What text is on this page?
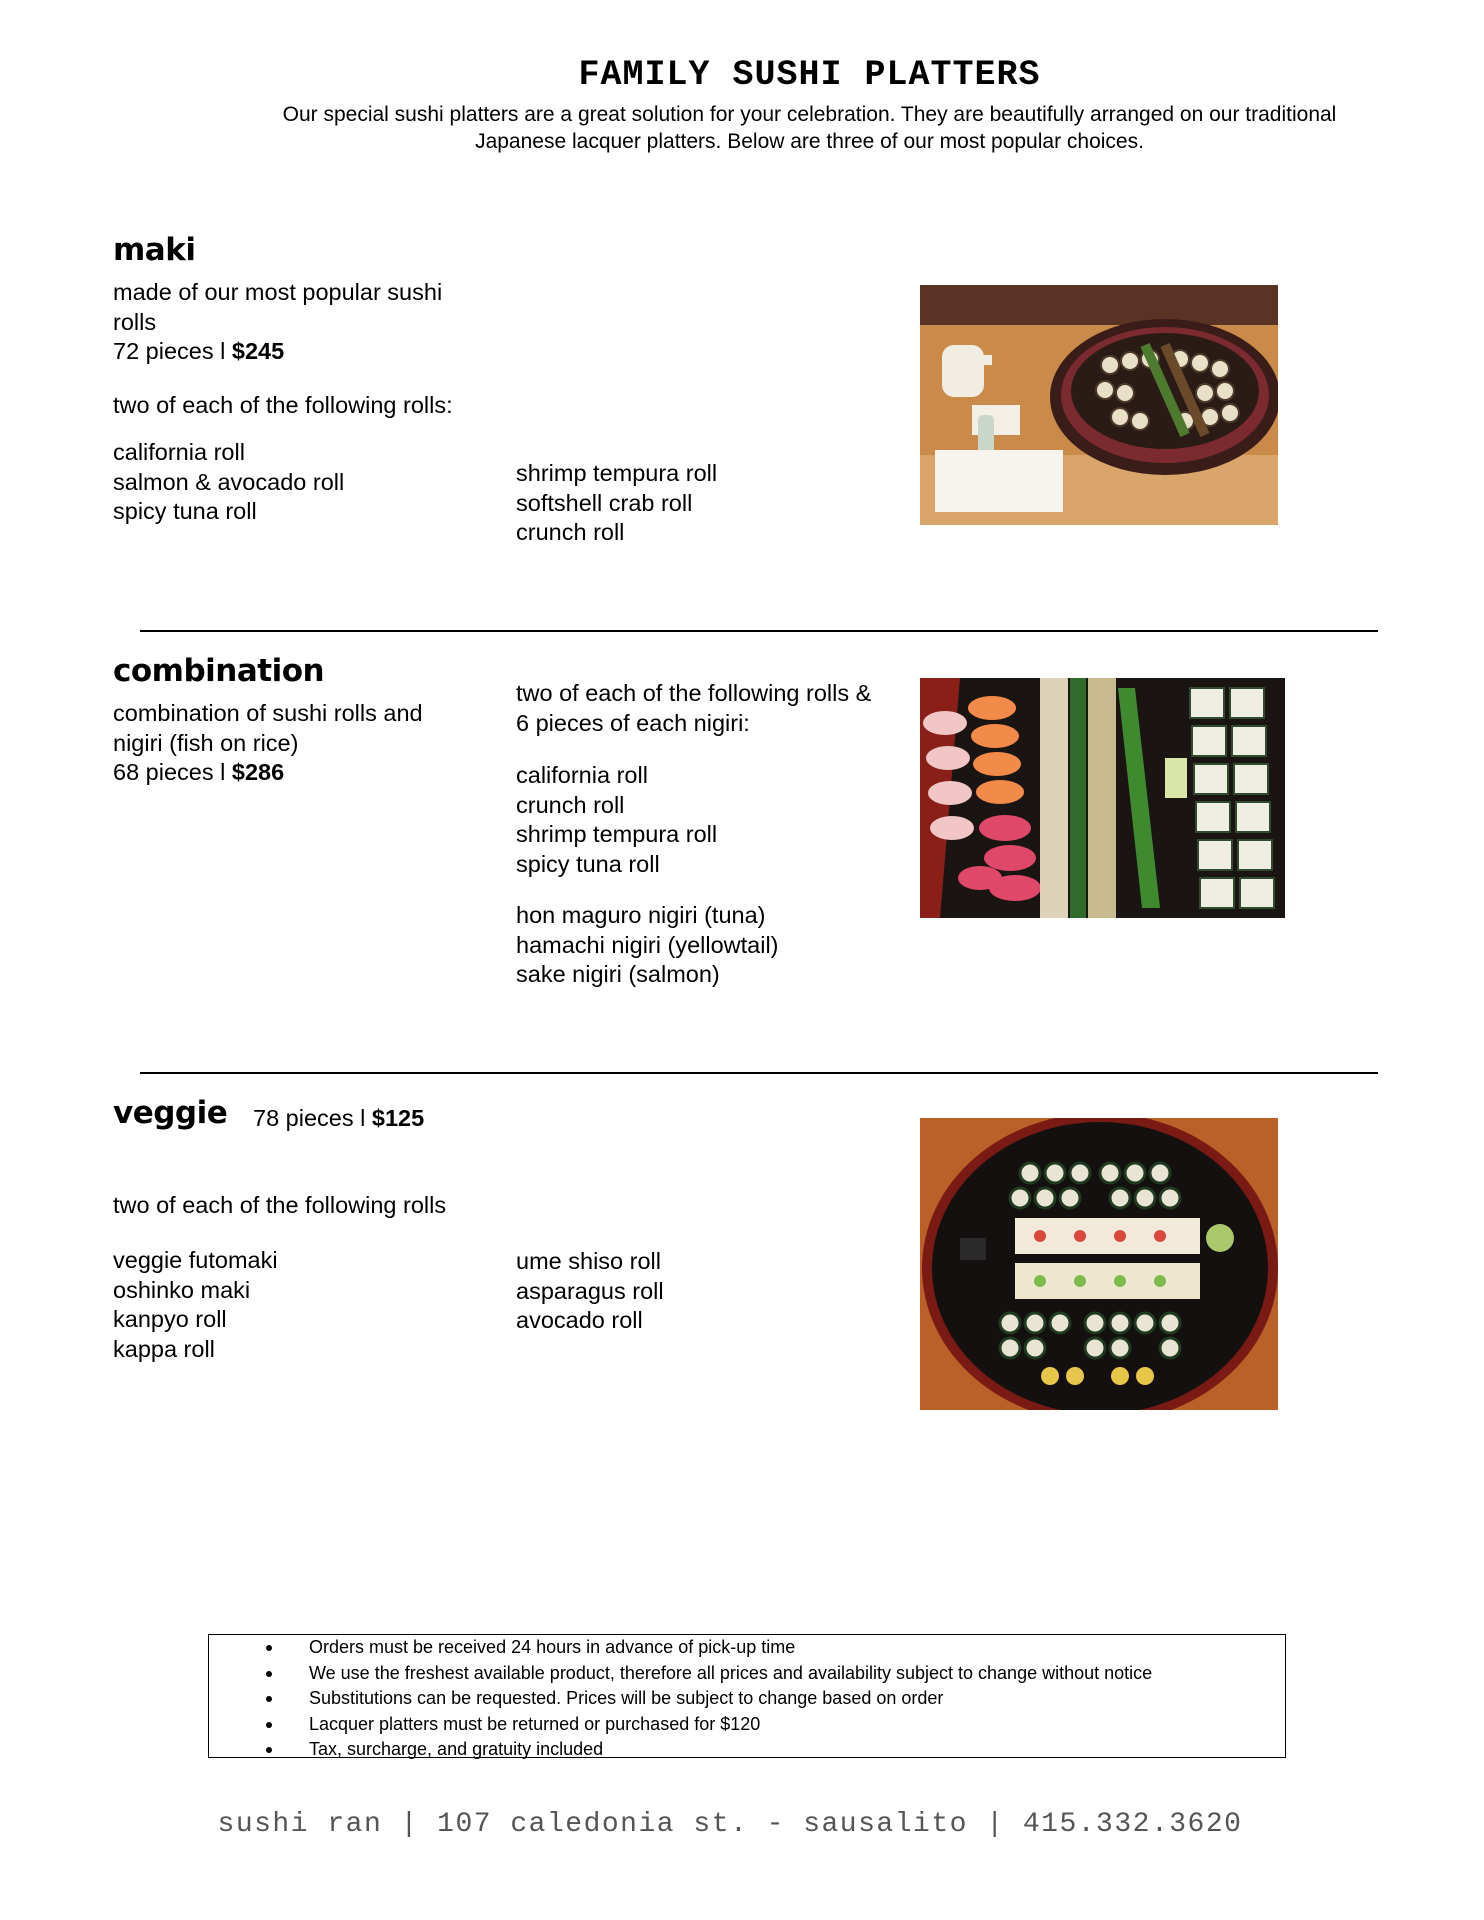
FAMILY SUSHI PLATTERS
Our special sushi platters are a great solution for your celebration. They are beautifully arranged on our traditional Japanese lacquer platters. Below are three of our most popular choices.
maki
made of our most popular sushi
rolls
72 pieces l $245
two of each of the following rolls:
california roll
salmon & avocado roll
spicy tuna roll
shrimp tempura roll
softshell crab roll
crunch roll
combination
combination of sushi rolls and
nigiri (fish on rice)
68 pieces l $286
two of each of the following rolls &
6 pieces of each nigiri:
california roll
crunch roll
shrimp tempura roll
spicy tuna roll
hon maguro nigiri (tuna)
hamachi nigiri (yellowtail)
sake nigiri (salmon)
veggie 78 pieces l $125
two of each of the following rolls
veggie futomaki
oshinko maki
kanpyo roll
kappa roll
ume shiso roll
asparagus roll
avocado roll
Orders must be received 24 hours in advance of pick-up time
We use the freshest available product, therefore all prices and availability subject to change without notice
Substitutions can be requested. Prices will be subject to change based on order
Lacquer platters must be returned or purchased for $120
Tax, surcharge, and gratuity included
sushi ran | 107 caledonia st. - sausalito | 415.332.3620
